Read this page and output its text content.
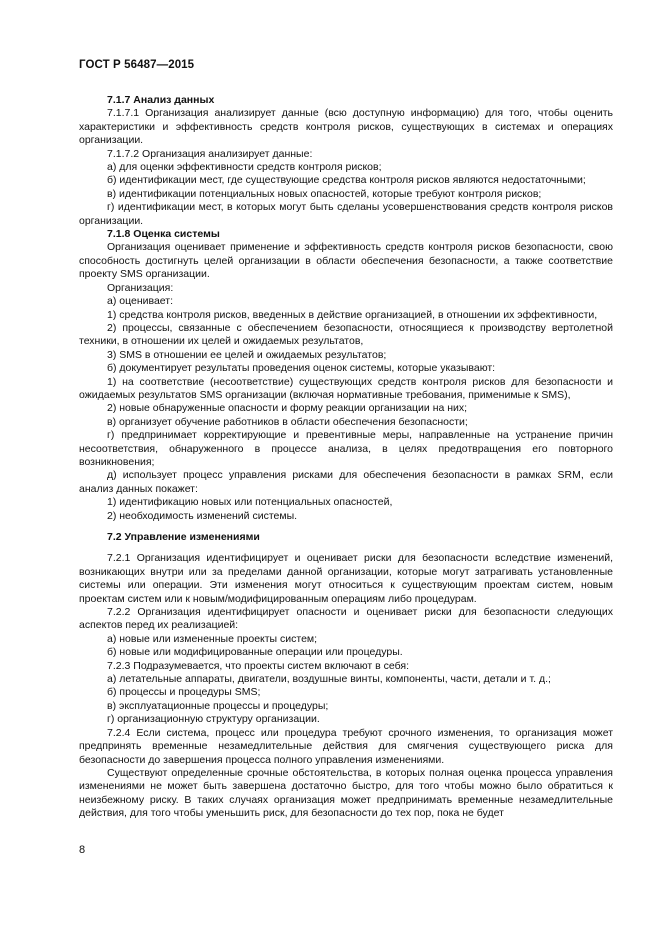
ГОСТ Р 56487—2015

7.1.7 Анализ данных

7.1.7.1 Организация анализирует данные (всю доступную информацию) для того, чтобы оценить характеристики и эффективность средств контроля рисков, существующих в системах и операциях организации.

7.1.7.2 Организация анализирует данные:

а) для оценки эффективности средств контроля рисков;

б) идентификации мест, где существующие средства контроля рисков являются недостаточными;

в) идентификации потенциальных новых опасностей, которые требуют контроля рисков;

г) идентификации мест, в которых могут быть сделаны усовершенствования средств контроля рисков организации.

7.1.8 Оценка системы

Организация оценивает применение и эффективность средств контроля рисков безопасности, свою способность достигнуть целей организации в области обеспечения безопасности, а также соответствие проекту SMS организации.

Организация:

а) оценивает:

1) средства контроля рисков, введенных в действие организацией, в отношении их эффективности,

2) процессы, связанные с обеспечением безопасности, относящиеся к производству вертолетной техники, в отношении их целей и ожидаемых результатов,

3) SMS в отношении ее целей и ожидаемых результатов;

б) документирует результаты проведения оценок системы, которые указывают:

1) на соответствие (несоответствие) существующих средств контроля рисков для безопасности и ожидаемых результатов SMS организации (включая нормативные требования, применимые к SMS),

2) новые обнаруженные опасности и форму реакции организации на них;

в) организует обучение работников в области обеспечения безопасности;

г) предпринимает корректирующие и превентивные меры, направленные на устранение причин несоответствия, обнаруженного в процессе анализа, в целях предотвращения его повторного возникновения;

д) использует процесс управления рисками для обеспечения безопасности в рамках SRM, если анализ данных покажет:

1) идентификацию новых или потенциальных опасностей,

2) необходимость изменений системы.

7.2 Управление изменениями

7.2.1 Организация идентифицирует и оценивает риски для безопасности вследствие изменений, возникающих внутри или за пределами данной организации, которые могут затрагивать установленные системы или операции. Эти изменения могут относиться к существующим проектам систем, новым проектам систем или к новым/модифицированным операциям либо процедурам.

7.2.2 Организация идентифицирует опасности и оценивает риски для безопасности следующих аспектов перед их реализацией:

а) новые или измененные проекты систем;

б) новые или модифицированные операции или процедуры.

7.2.3 Подразумевается, что проекты систем включают в себя:

а) летательные аппараты, двигатели, воздушные винты, компоненты, части, детали и т. д.;

б) процессы и процедуры SMS;

в) эксплуатационные процессы и процедуры;

г) организационную структуру организации.

7.2.4 Если система, процесс или процедура требуют срочного изменения, то организация может предпринять временные незамедлительные действия для смягчения существующего риска для безопасности до завершения процесса полного управления изменениями.

Существуют определенные срочные обстоятельства, в которых полная оценка процесса управления изменениями не может быть завершена достаточно быстро, для того чтобы можно было обратиться к неизбежному риску. В таких случаях организация может предпринимать временные незамедлительные действия, для того чтобы уменьшить риск, для безопасности до тех пор, пока не будет

8
